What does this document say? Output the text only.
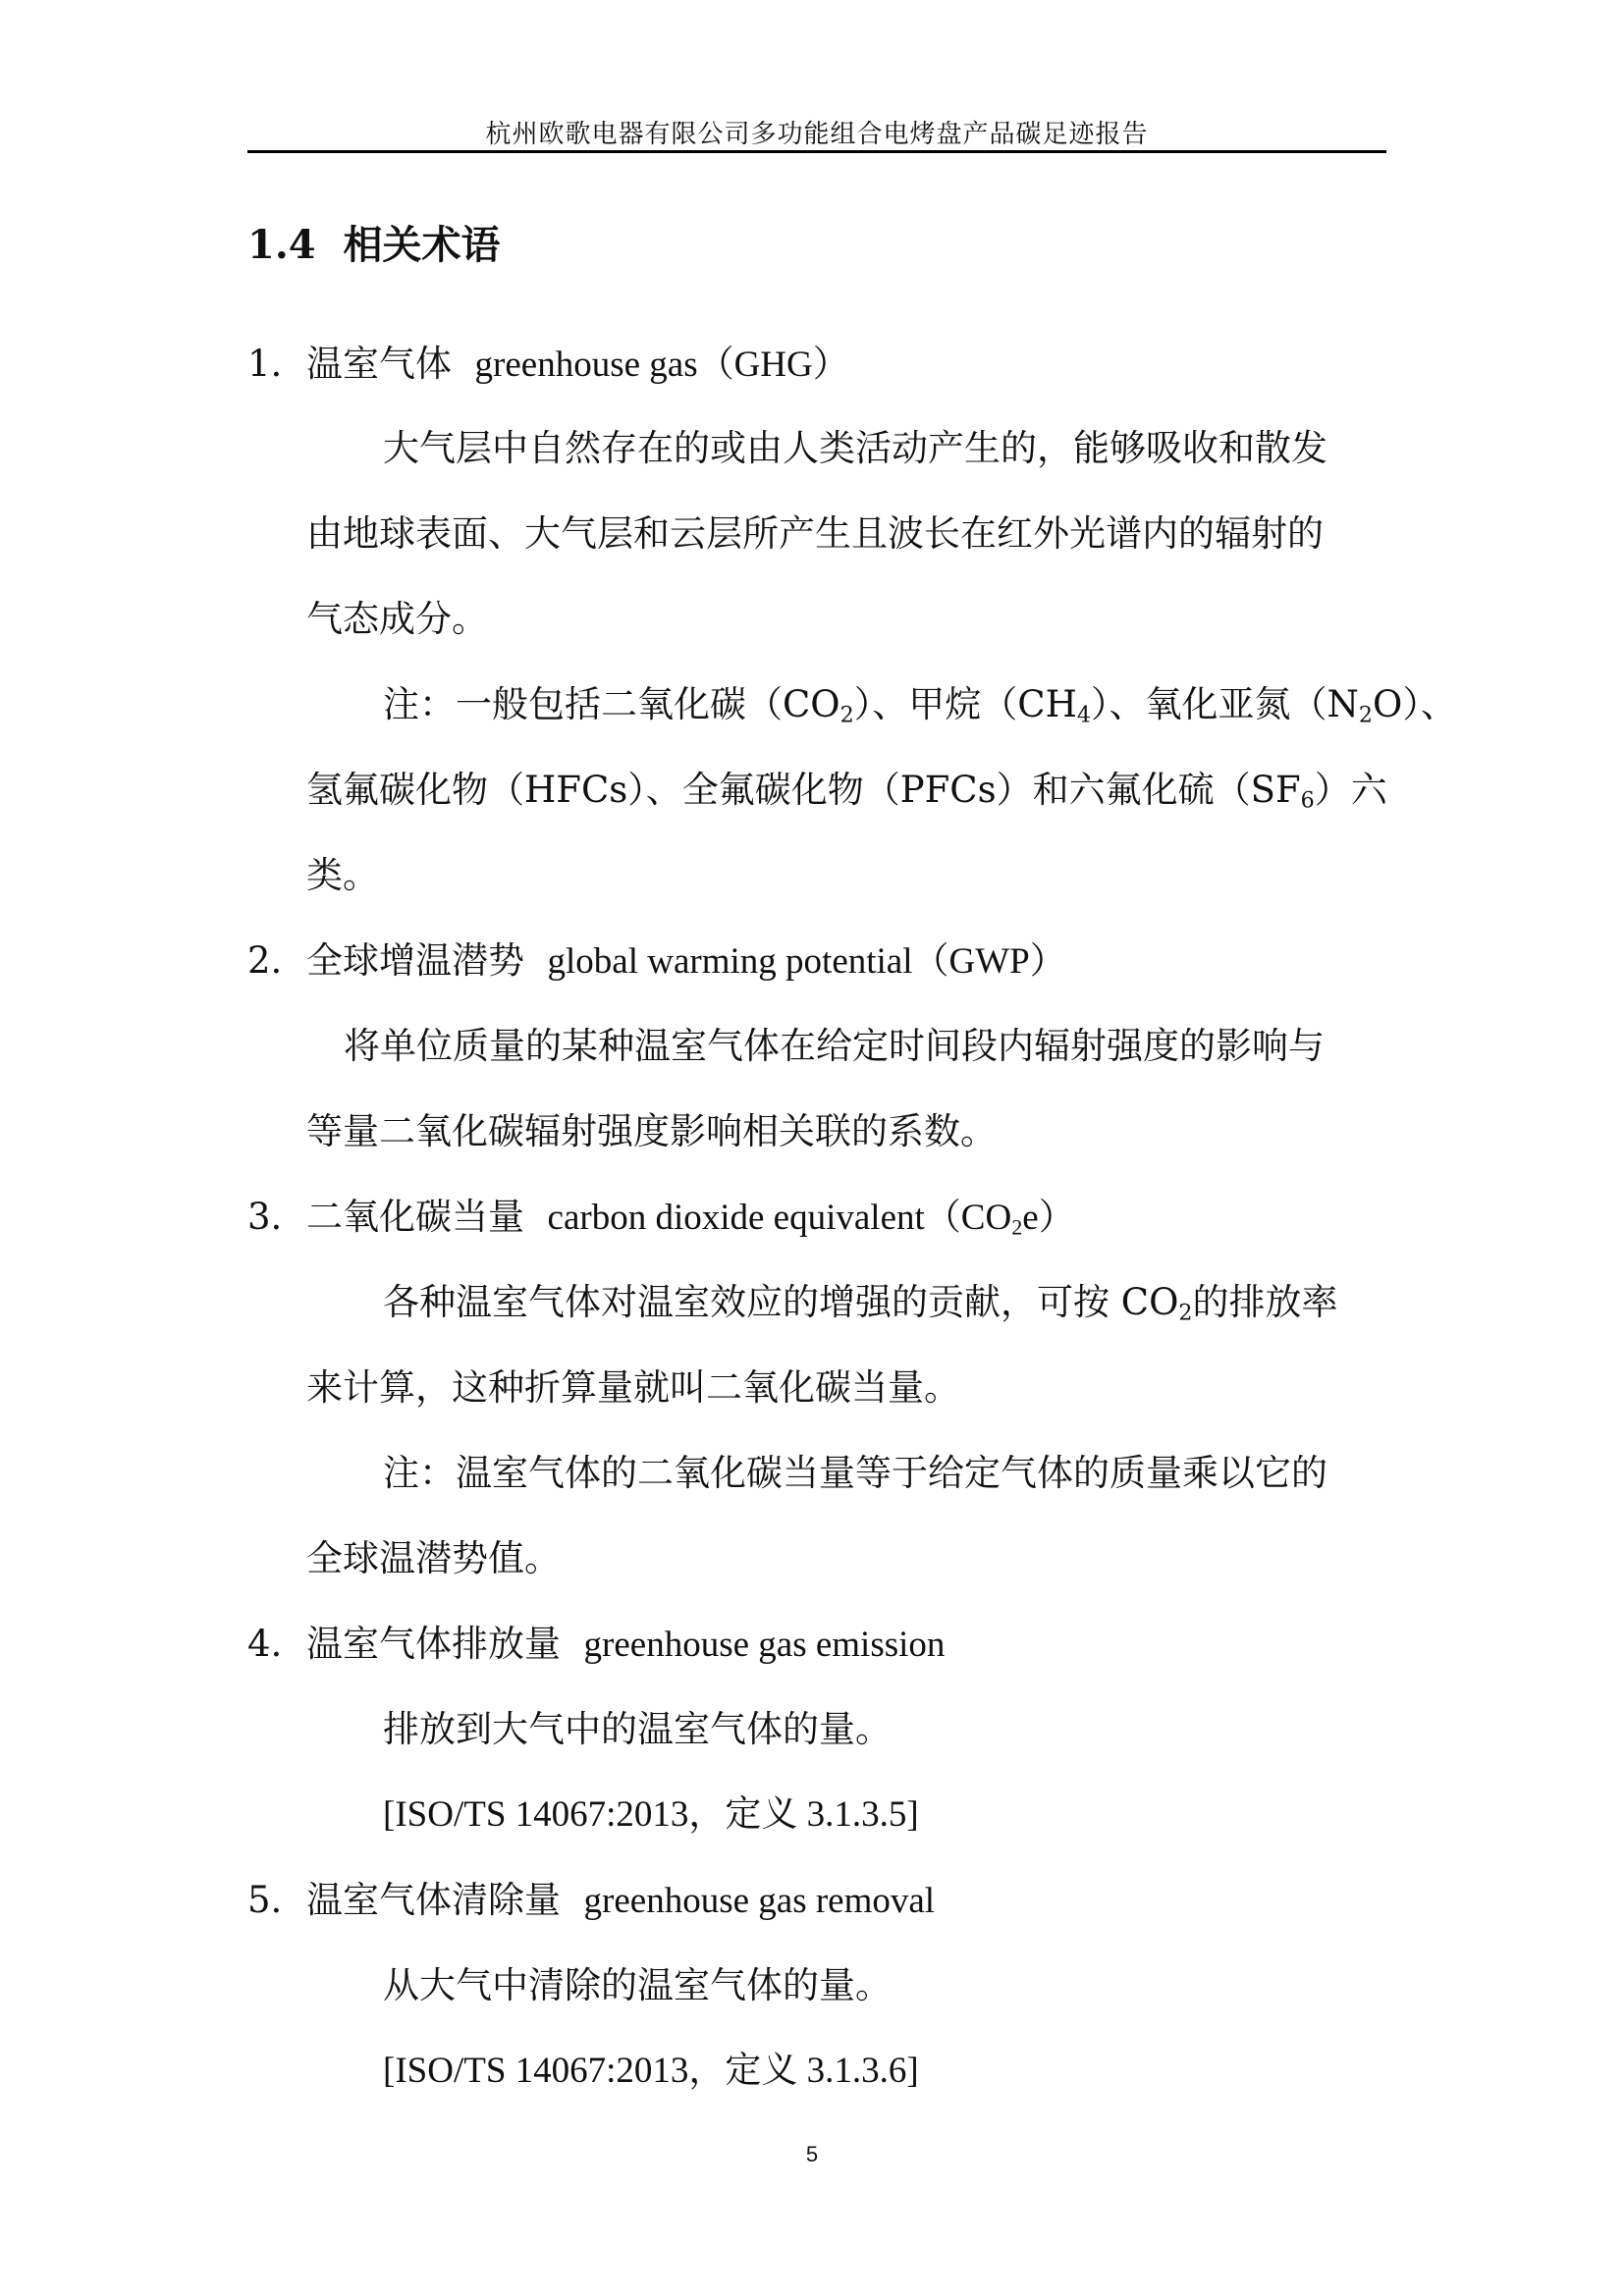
杭州欧歌电器有限公司多功能组合电烤盘产品碳足迹报告
1.4 相关术语
1. 温室气体 greenhouse gas（GHG）
大气层中自然存在的或由人类活动产生的，能够吸收和散发
由地球表面、大气层和云层所产生且波长在红外光谱内的辐射的
气态成分。
注：一般包括二氧化碳$(CO_2)$、甲烷$(CH_4)$、氧化亚氮$(N_2O)$、
氢氟碳化物（HFCs）、全氟碳化物（PFCs）和六氟化硫$(SF_6)$六
类。
2. 全球增温潜势 global warming potential（GWP）
将单位质量的某种温室气体在给定时间段内辐射强度的影响与
等量二氧化碳辐射强度影响相关联的系数。
3. 二氧化碳当量 carbon dioxide $equivalent(CO_2e)$
各种温室气体对温室效应的增强的贡献，可按 $CO_2$的排放率
来计算，这种折算量就叫二氧化碳当量。
注：温室气体的二氧化碳当量等于给定气体的质量乘以它的
全球温潜势值。
4. 温室气体排放量 greenhouse gas emission
排放到大气中的温室气体的量。
[ISO/TS 14067:2013，定义 3.1.3.5]
5. 温室气体清除量 greenhouse gas removal
从大气中清除的温室气体的量。
[ISO/TS 14067:2013，定义 3.1.3.6]
5
